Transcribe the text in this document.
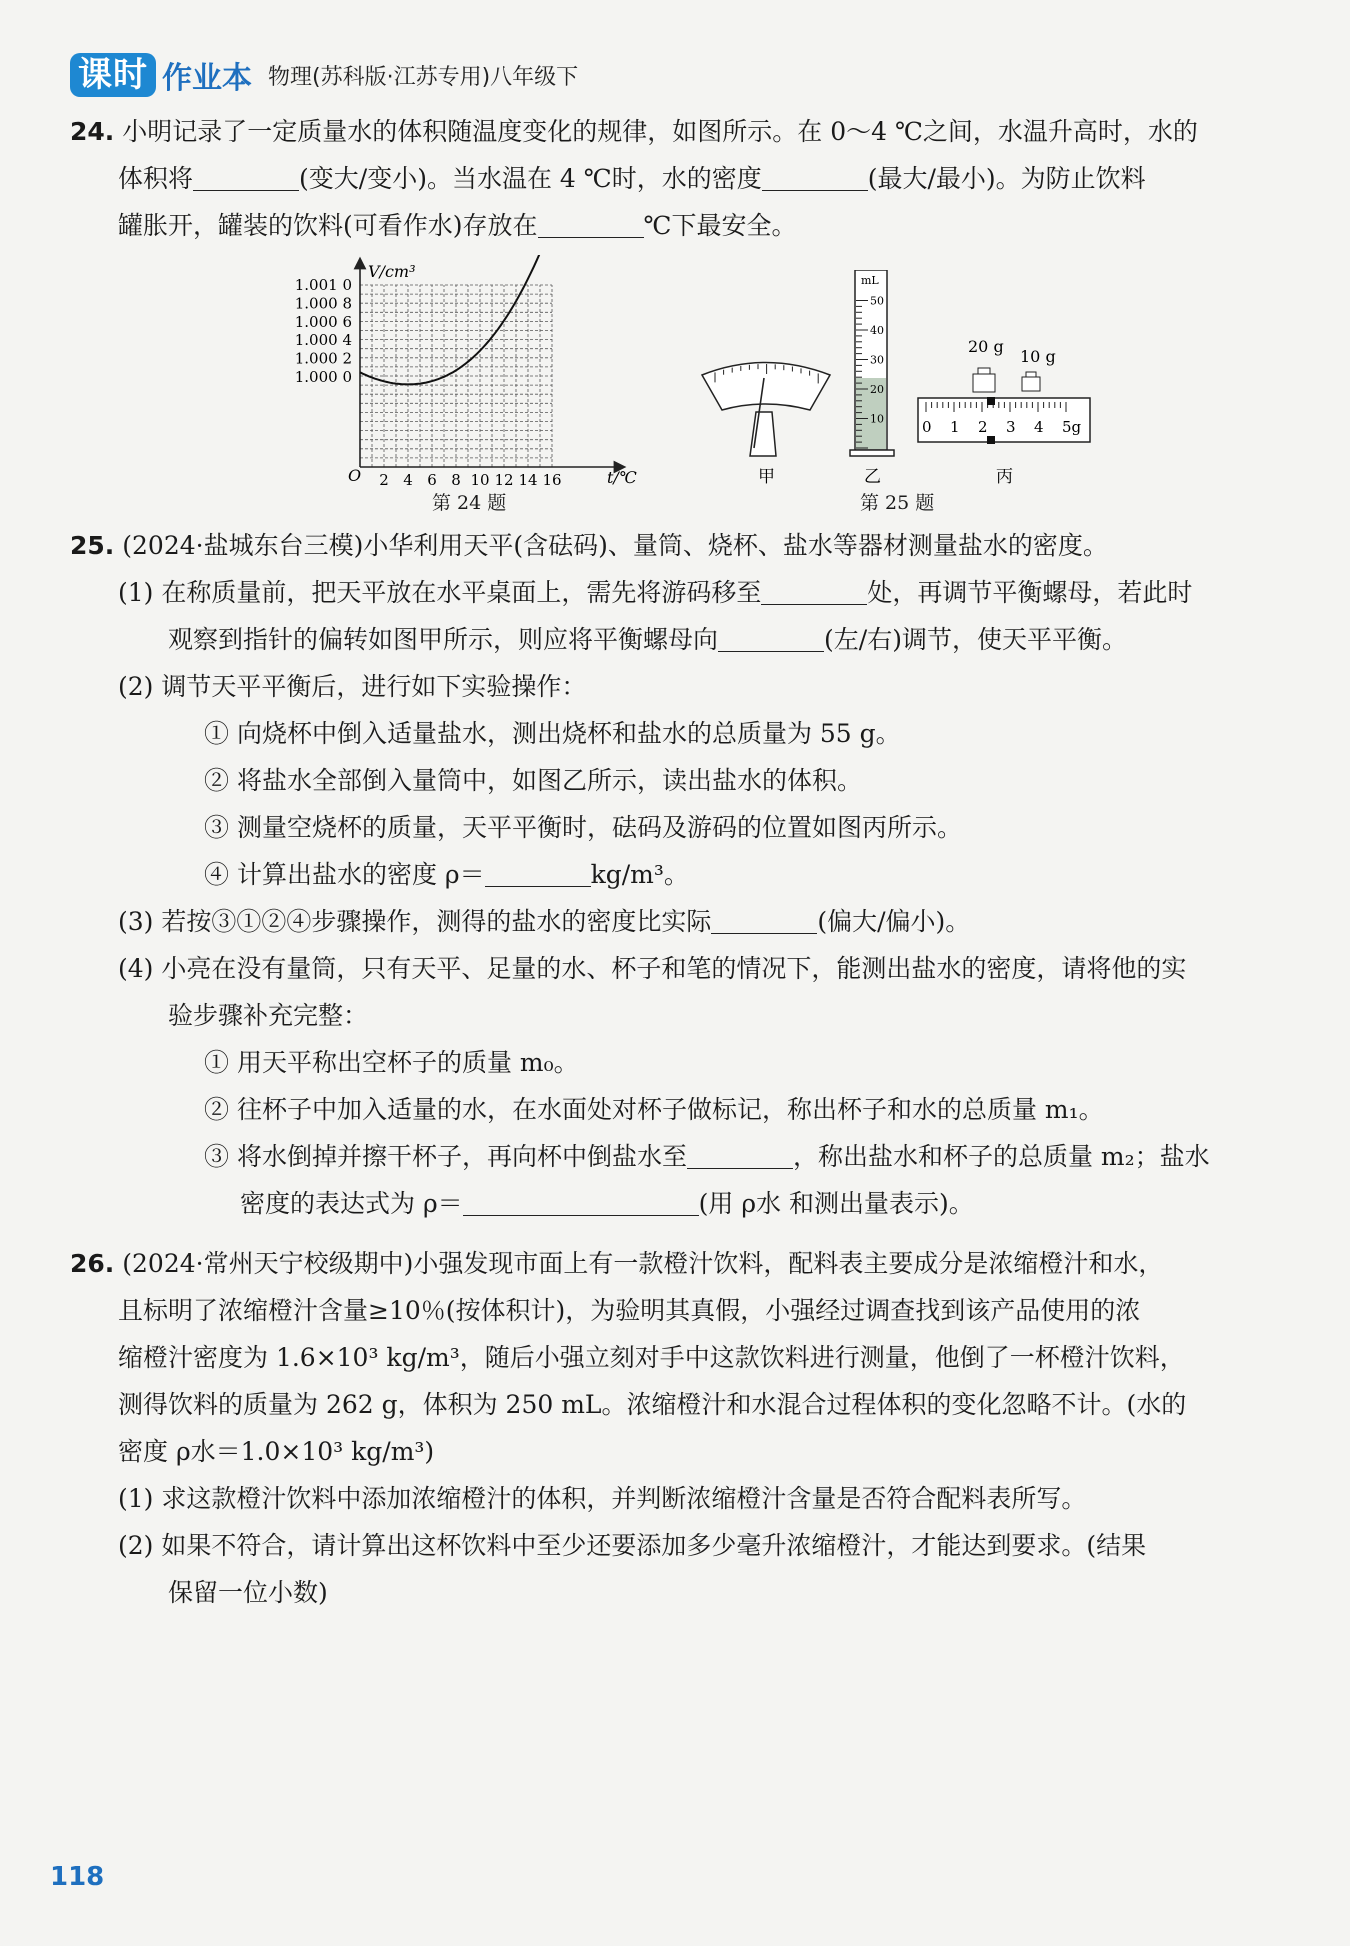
课时 作业本 物理(苏科版·江苏专用)八年级下
24. 小明记录了一定质量水的体积随温度变化的规律，如图所示。在 0～4 ℃之间，水温升高时，水的
体积将	(变大/变小)。当水温在 4 ℃时，水的密度	(最大/最小)。为防止饮料
罐胀开，罐装的饮料(可看作水)存放在	℃下最安全。
V/cm³
t/℃
O
1.000 0
1.000 2
1.000 4
1.000 6
1.000 8
1.001 0
2 4 6 8 10 12 14 16
第 24 题
甲
mL
50
40
30
20
10
乙
20 g
10 g
0 1 2 3 4 5g
丙
第 25 题
25. (2024·盐城东台三模)小华利用天平(含砝码)、量筒、烧杯、盐水等器材测量盐水的密度。
(1) 在称质量前，把天平放在水平桌面上，需先将游码移至	处，再调节平衡螺母，若此时
观察到指针的偏转如图甲所示，则应将平衡螺母向	(左/右)调节，使天平平衡。
(2) 调节天平平衡后，进行如下实验操作：
① 向烧杯中倒入适量盐水，测出烧杯和盐水的总质量为 55 g。
② 将盐水全部倒入量筒中，如图乙所示，读出盐水的体积。
③ 测量空烧杯的质量，天平平衡时，砝码及游码的位置如图丙所示。
④ 计算出盐水的密度 ρ＝	kg/m³。
(3) 若按③①②④步骤操作，测得的盐水的密度比实际	(偏大/偏小)。
(4) 小亮在没有量筒，只有天平、足量的水、杯子和笔的情况下，能测出盐水的密度，请将他的实
验步骤补充完整：
① 用天平称出空杯子的质量 m₀。
② 往杯子中加入适量的水，在水面处对杯子做标记，称出杯子和水的总质量 m₁。
③ 将水倒掉并擦干杯子，再向杯中倒盐水至	，称出盐水和杯子的总质量 m₂；盐水
密度的表达式为 ρ＝	(用 ρ水 和测出量表示)。
26. (2024·常州天宁校级期中)小强发现市面上有一款橙汁饮料，配料表主要成分是浓缩橙汁和水，
且标明了浓缩橙汁含量≥10％(按体积计)，为验明其真假，小强经过调查找到该产品使用的浓
缩橙汁密度为 1.6×10³ kg/m³，随后小强立刻对手中这款饮料进行测量，他倒了一杯橙汁饮料，
测得饮料的质量为 262 g，体积为 250 mL。浓缩橙汁和水混合过程体积的变化忽略不计。(水的
密度 ρ水＝1.0×10³ kg/m³)
(1) 求这款橙汁饮料中添加浓缩橙汁的体积，并判断浓缩橙汁含量是否符合配料表所写。
(2) 如果不符合，请计算出这杯饮料中至少还要添加多少毫升浓缩橙汁，才能达到要求。(结果
保留一位小数)
118
